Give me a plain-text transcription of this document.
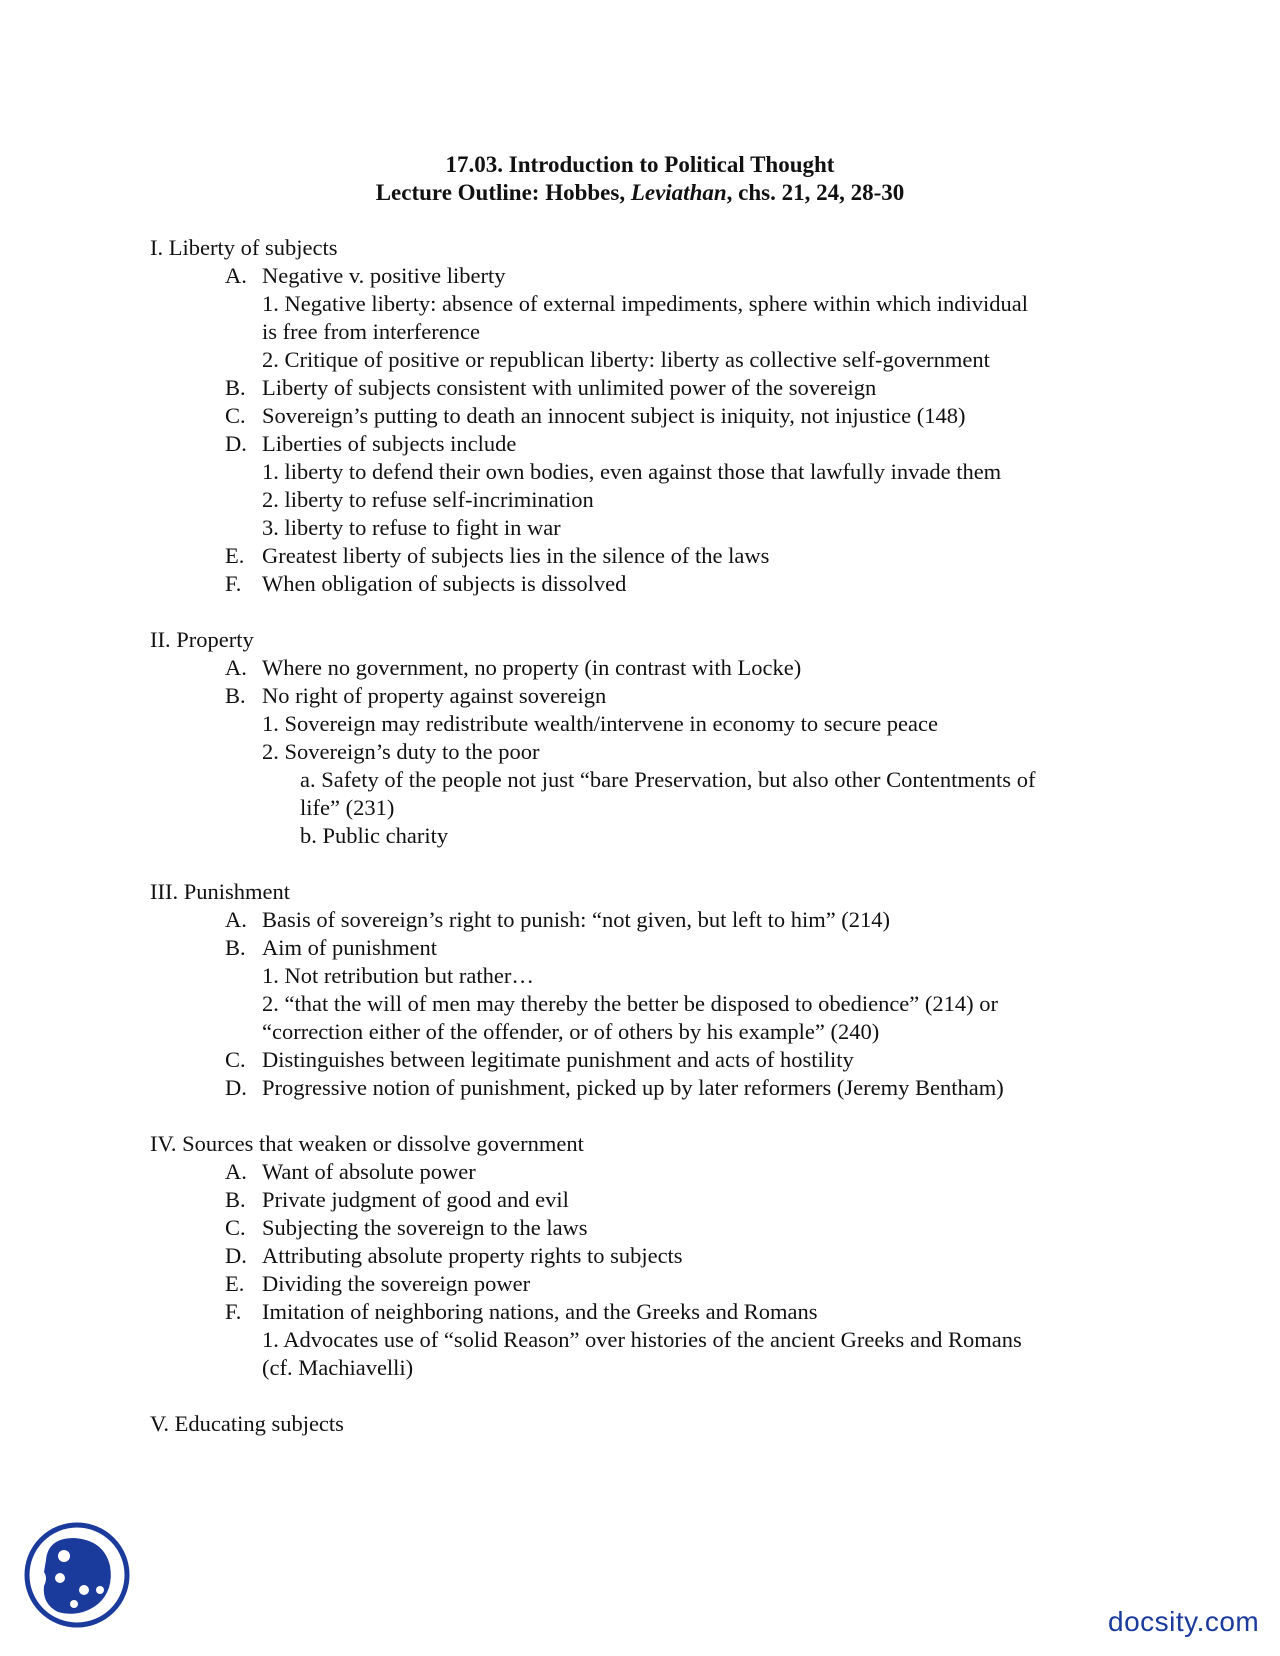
17.03. Introduction to Political Thought
Lecture Outline: Hobbes, Leviathan, chs. 21, 24, 28-30
I. Liberty of subjects
A. Negative v. positive liberty
1. Negative liberty: absence of external impediments, sphere within which individual
is free from interference
2. Critique of positive or republican liberty: liberty as collective self-government
B. Liberty of subjects consistent with unlimited power of the sovereign
C. Sovereign’s putting to death an innocent subject is iniquity, not injustice (148)
D. Liberties of subjects include
1. liberty to defend their own bodies, even against those that lawfully invade them
2. liberty to refuse self-incrimination
3. liberty to refuse to fight in war
E. Greatest liberty of subjects lies in the silence of the laws
F. When obligation of subjects is dissolved
II. Property
A. Where no government, no property (in contrast with Locke)
B. No right of property against sovereign
1. Sovereign may redistribute wealth/intervene in economy to secure peace
2. Sovereign’s duty to the poor
a. Safety of the people not just “bare Preservation, but also other Contentments of
life” (231)
b. Public charity
III. Punishment
A. Basis of sovereign’s right to punish: “not given, but left to him” (214)
B. Aim of punishment
1. Not retribution but rather…
2. “that the will of men may thereby the better be disposed to obedience” (214) or
“correction either of the offender, or of others by his example” (240)
C. Distinguishes between legitimate punishment and acts of hostility
D. Progressive notion of punishment, picked up by later reformers (Jeremy Bentham)
IV. Sources that weaken or dissolve government
A. Want of absolute power
B. Private judgment of good and evil
C. Subjecting the sovereign to the laws
D. Attributing absolute property rights to subjects
E. Dividing the sovereign power
F. Imitation of neighboring nations, and the Greeks and Romans
1. Advocates use of “solid Reason” over histories of the ancient Greeks and Romans
(cf. Machiavelli)
V. Educating subjects
docsity.com
